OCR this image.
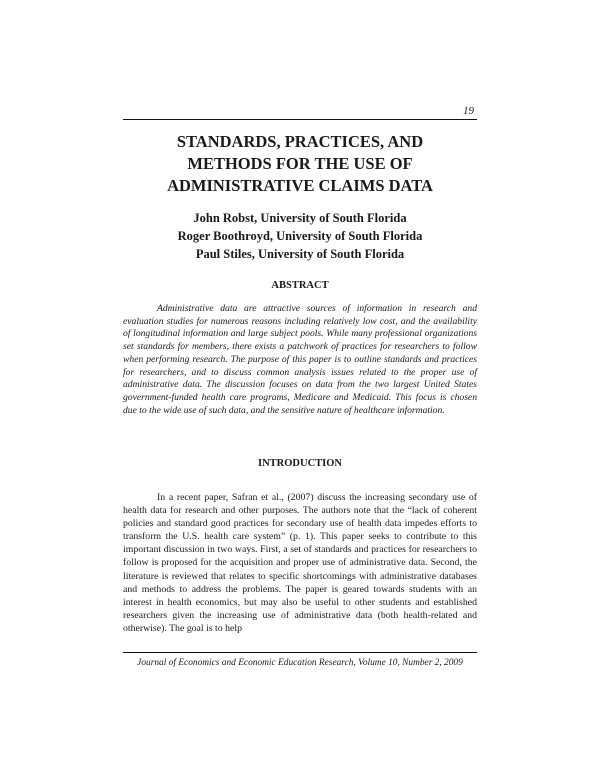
19
STANDARDS, PRACTICES, AND
METHODS FOR THE USE OF
ADMINISTRATIVE CLAIMS DATA
John Robst, University of South Florida
Roger Boothroyd, University of South Florida
Paul Stiles, University of South Florida
ABSTRACT

Administrative data are attractive sources of information in research and evaluation studies for numerous reasons including relatively low cost, and the availability of longitudinal information and large subject pools. While many professional organizations set standards for members, there exists a patchwork of practices for researchers to follow when performing research. The purpose of this paper is to outline standards and practices for researchers, and to discuss common analysis issues related to the proper use of administrative data. The discussion focuses on data from the two largest United States government-funded health care programs, Medicare and Medicaid. This focus is chosen due to the wide use of such data, and the sensitive nature of healthcare information.

INTRODUCTION

In a recent paper, Safran et al., (2007) discuss the increasing secondary use of health data for research and other purposes. The authors note that the “lack of coherent policies and standard good practices for secondary use of health data impedes efforts to transform the U.S. health care system” (p. 1). This paper seeks to contribute to this important discussion in two ways. First, a set of standards and practices for researchers to follow is proposed for the acquisition and proper use of administrative data. Second, the literature is reviewed that relates to specific shortcomings with administrative databases and methods to address the problems. The paper is geared towards students with an interest in health economics, but may also be useful to other students and established researchers given the increasing use of administrative data (both health-related and otherwise). The goal is to help

Journal of Economics and Economic Education Research, Volume 10, Number 2, 2009
